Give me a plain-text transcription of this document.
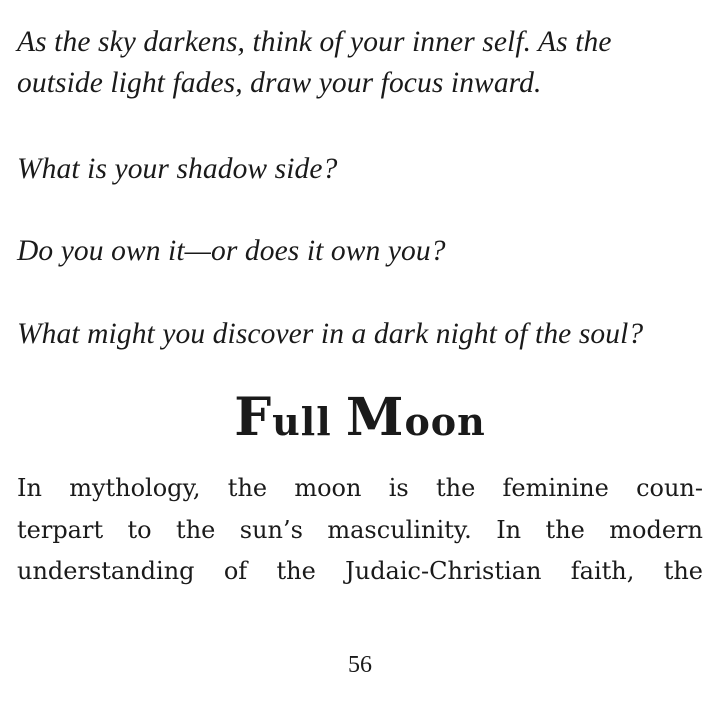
As the sky darkens, think of your inner self. As the
outside light fades, draw your focus inward.

What is your shadow side?

Do you own it—or does it own you?

What might you discover in a dark night of the soul?

Full Moon

In mythology, the moon is the feminine coun-
terpart to the sun’s masculinity. In the modern
understanding of the Judaic-Christian faith, the

56
